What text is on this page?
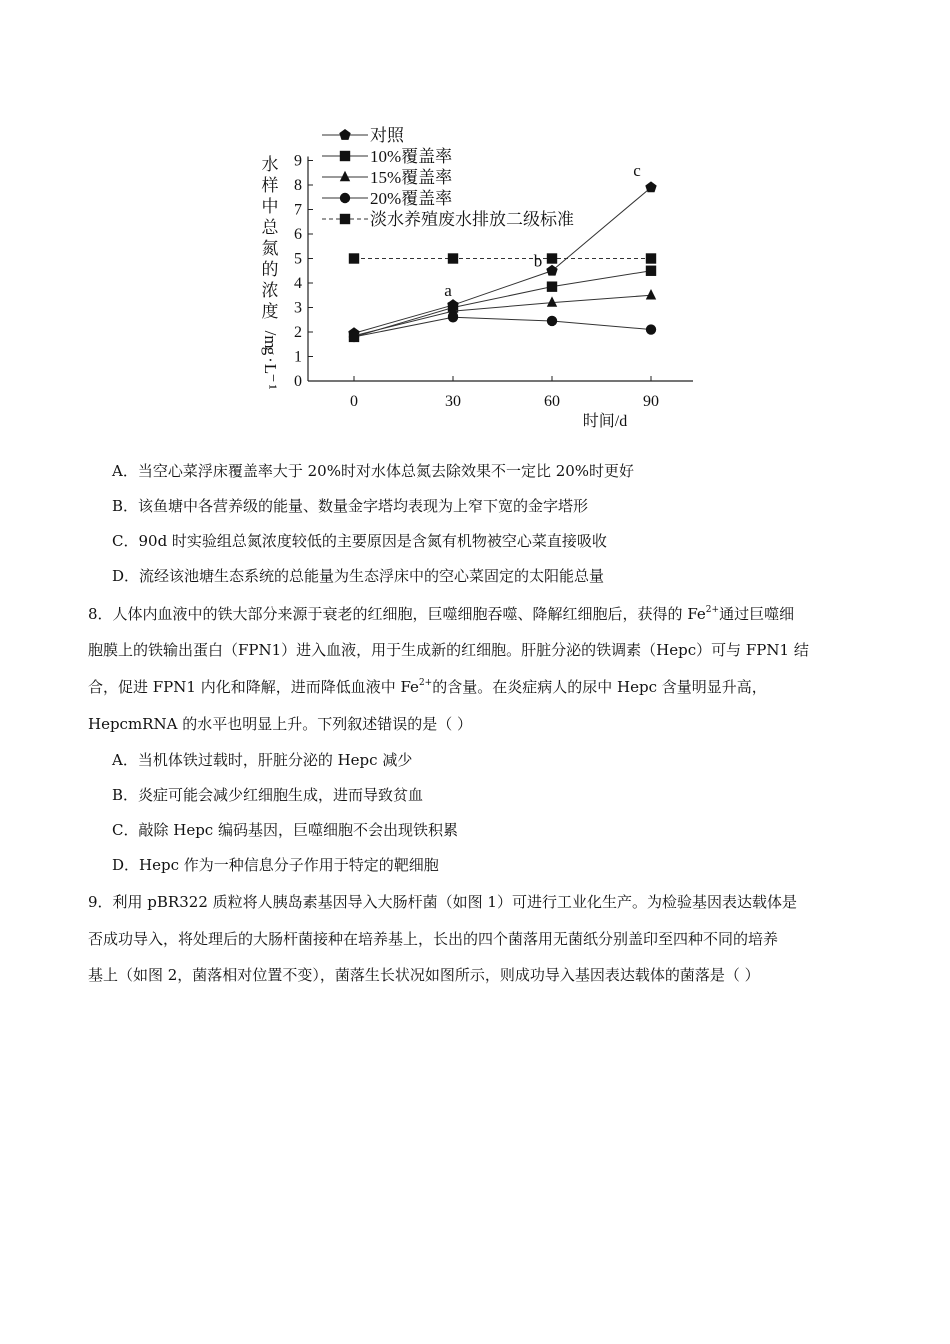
水
样
中
总
氮
的
浓
度
/
m
g
·
L
⁻
¹ 0
1
2
3
4
5
6
7
8
9
0	30	60	90
对照
10%覆盖率
15%覆盖率
20%覆盖率
淡水养殖废水排放二级标准
a
b
c
时间/d
A．当空心菜浮床覆盖率大于 20%时对水体总氮去除效果不一定比 20%时更好
B．该鱼塘中各营养级的能量、数量金字塔均表现为上窄下宽的金字塔形
C．90d 时实验组总氮浓度较低的主要原因是含氮有机物被空心菜直接吸收
D．流经该池塘生态系统的总能量为生态浮床中的空心菜固定的太阳能总量
8．人体内血液中的铁大部分来源于衰老的红细胞，巨噬细胞吞噬、降解红细胞后，获得的 $Fe^{2+}$通过巨噬细
胞膜上的铁输出蛋白（FPN1）进入血液，用于生成新的红细胞。肝脏分泌的铁调素（Hepc）可与 FPN1 结
合，促进 FPN1 内化和降解，进而降低血液中 $Fe^{2+}$的含量。在炎症病人的尿中 Hepc 含量明显升高，
HepcmRNA 的水平也明显上升。下列叙述错误的是（ ）
A．当机体铁过载时，肝脏分泌的 Hepc 减少
B．炎症可能会减少红细胞生成，进而导致贫血
C．敲除 Hepc 编码基因，巨噬细胞不会出现铁积累
D．Hepc 作为一种信息分子作用于特定的靶细胞
9．利用 pBR322 质粒将人胰岛素基因导入大肠杆菌（如图 1）可进行工业化生产。为检验基因表达载体是
否成功导入，将处理后的大肠杆菌接种在培养基上，长出的四个菌落用无菌纸分别盖印至四种不同的培养
基上（如图 2，菌落相对位置不变），菌落生长状况如图所示，则成功导入基因表达载体的菌落是（ ）
